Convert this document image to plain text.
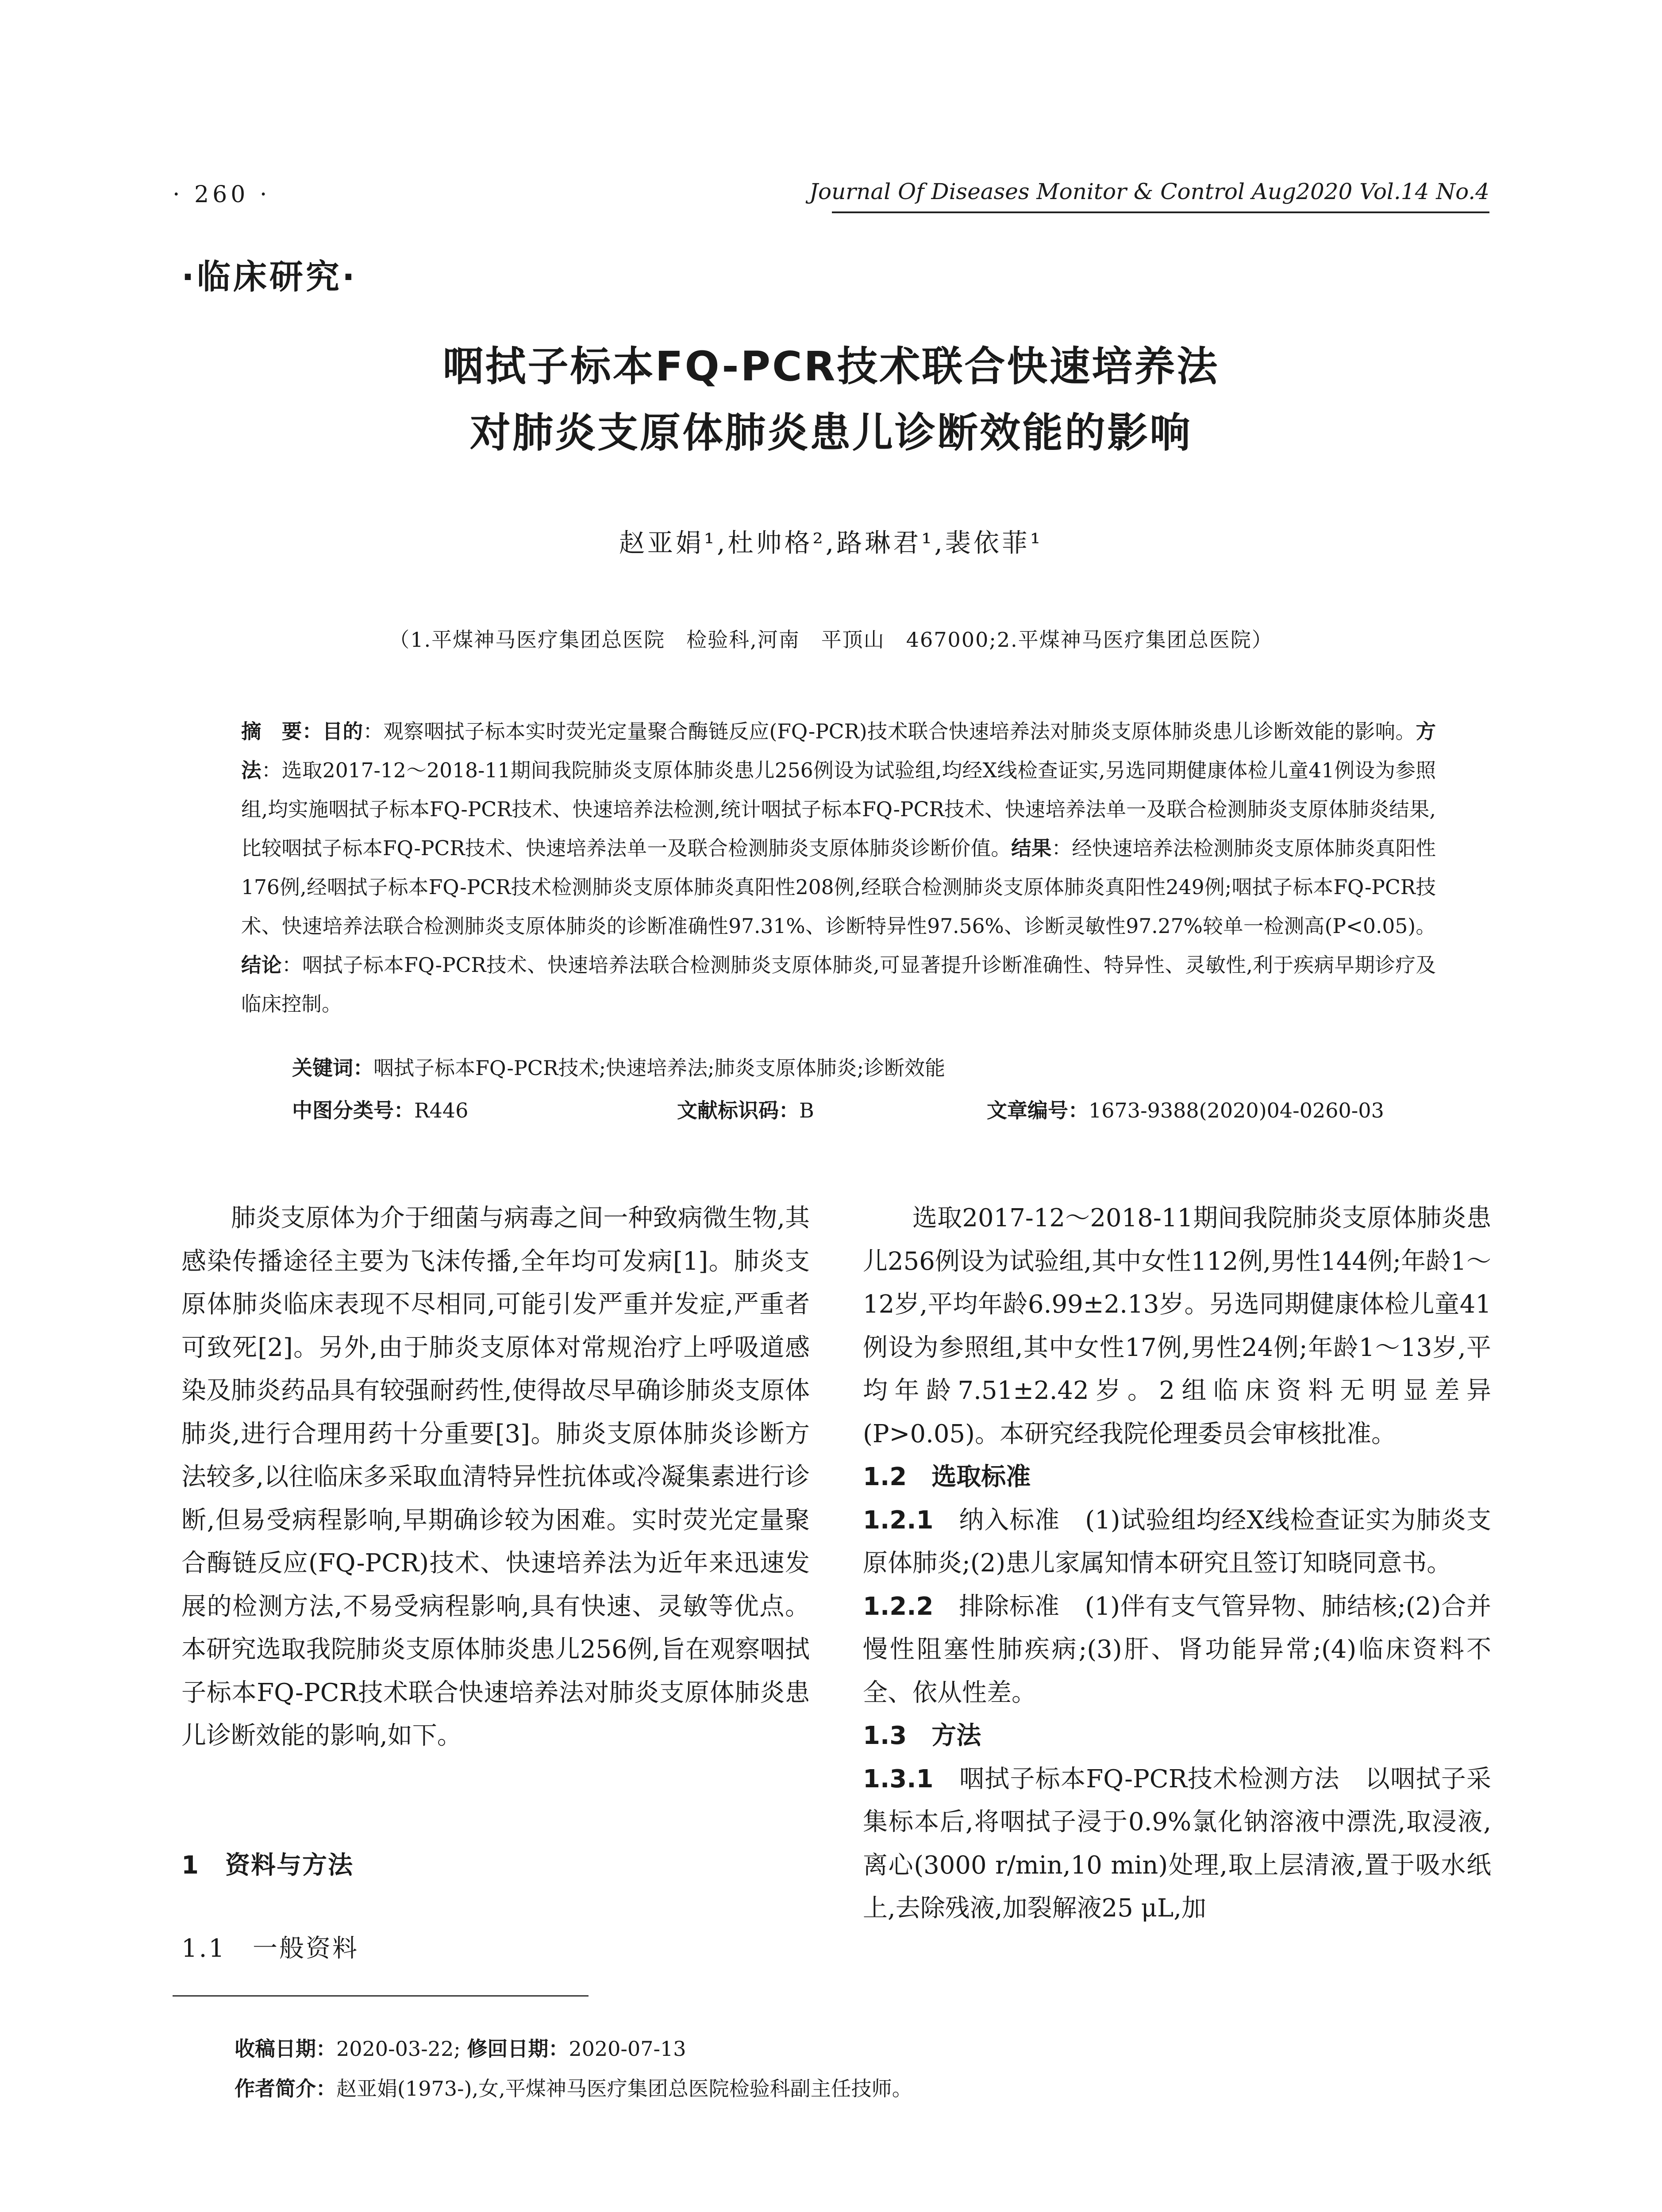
· 260 ·	Journal Of Diseases Monitor & Control Aug2020 Vol.14 No.4
·临床研究·
咽拭子标本FQ-PCR技术联合快速培养法
对肺炎支原体肺炎患儿诊断效能的影响
赵亚娟¹,杜帅格²,路琳君¹,裴依菲¹
（1.平煤神马医疗集团总医院　检验科,河南　平顶山　467000;2.平煤神马医疗集团总医院）
摘　要：目的：观察咽拭子标本实时荧光定量聚合酶链反应(FQ-PCR)技术联合快速培养法对肺炎支原体肺炎患儿诊断效能的影响。方法：选取2017-12～2018-11期间我院肺炎支原体肺炎患儿256例设为试验组,均经X线检查证实,另选同期健康体检儿童41例设为参照组,均实施咽拭子标本FQ-PCR技术、快速培养法检测,统计咽拭子标本FQ-PCR技术、快速培养法单一及联合检测肺炎支原体肺炎结果,比较咽拭子标本FQ-PCR技术、快速培养法单一及联合检测肺炎支原体肺炎诊断价值。结果：经快速培养法检测肺炎支原体肺炎真阳性176例,经咽拭子标本FQ-PCR技术检测肺炎支原体肺炎真阳性208例,经联合检测肺炎支原体肺炎真阳性249例;咽拭子标本FQ-PCR技术、快速培养法联合检测肺炎支原体肺炎的诊断准确性97.31%、诊断特异性97.56%、诊断灵敏性97.27%较单一检测高(P<0.05)。结论：咽拭子标本FQ-PCR技术、快速培养法联合检测肺炎支原体肺炎,可显著提升诊断准确性、特异性、灵敏性,利于疾病早期诊疗及临床控制。
关键词：咽拭子标本FQ-PCR技术;快速培养法;肺炎支原体肺炎;诊断效能
中图分类号：R446	文献标识码：B	文章编号：1673-9388(2020)04-0260-03

肺炎支原体为介于细菌与病毒之间一种致病微生物,其感染传播途径主要为飞沫传播,全年均可发病[1]。肺炎支原体肺炎临床表现不尽相同,可能引发严重并发症,严重者可致死[2]。另外,由于肺炎支原体对常规治疗上呼吸道感染及肺炎药品具有较强耐药性,使得故尽早确诊肺炎支原体肺炎,进行合理用药十分重要[3]。肺炎支原体肺炎诊断方法较多,以往临床多采取血清特异性抗体或冷凝集素进行诊断,但易受病程影响,早期确诊较为困难。实时荧光定量聚合酶链反应(FQ-PCR)技术、快速培养法为近年来迅速发展的检测方法,不易受病程影响,具有快速、灵敏等优点。本研究选取我院肺炎支原体肺炎患儿256例,旨在观察咽拭子标本FQ-PCR技术联合快速培养法对肺炎支原体肺炎患儿诊断效能的影响,如下。

1　资料与方法
1.1　一般资料

选取2017-12～2018-11期间我院肺炎支原体肺炎患儿256例设为试验组,其中女性112例,男性144例;年龄1～12岁,平均年龄6.99±2.13岁。另选同期健康体检儿童41例设为参照组,其中女性17例,男性24例;年龄1～13岁,平均年龄7.51±2.42岁。2组临床资料无明显差异(P>0.05)。本研究经我院伦理委员会审核批准。

1.2　选取标准
1.2.1　纳入标准　(1)试验组均经X线检查证实为肺炎支原体肺炎;(2)患儿家属知情本研究且签订知晓同意书。
1.2.2　排除标准　(1)伴有支气管异物、肺结核;(2)合并慢性阻塞性肺疾病;(3)肝、肾功能异常;(4)临床资料不全、依从性差。
1.3　方法
1.3.1　咽拭子标本FQ-PCR技术检测方法　以咽拭子采集标本后,将咽拭子浸于0.9%氯化钠溶液中漂洗,取浸液,离心(3000 r/min,10 min)处理,取上层清液,置于吸水纸上,去除残液,加裂解液25 μL,加
收稿日期：2020-03-22; 修回日期：2020-07-13
作者简介：赵亚娟(1973-),女,平煤神马医疗集团总医院检验科副主任技师。
